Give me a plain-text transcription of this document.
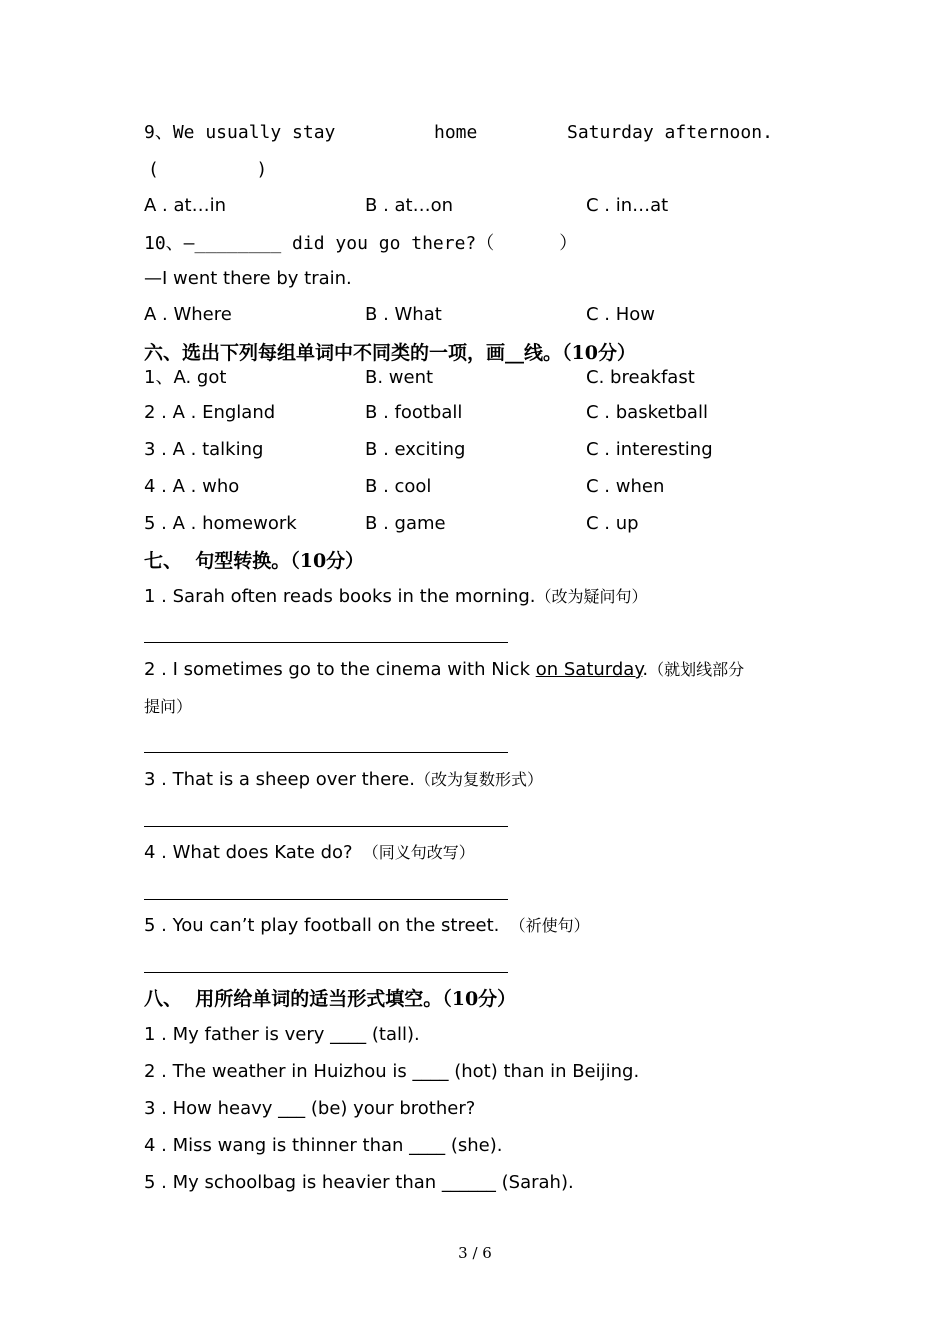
9、We usually stay	home	Saturday afternoon.
(         )
A . at…in	B . at…on	C . in…at
10、—________ did you go there?（      ）
—I went there by train.
A . Where	B . What	C . How
六、选出下列每组单词中不同类的一项，画__线。（10分）
1、A. got	B. went	C. breakfast
2 . A . England	B . football	C . basketball
3 . A . talking	B . exciting	C . interesting
4 . A . who	B . cool	C . when
5 . A . homework	B . game	C . up
七、  句型转换。（10分）
1 . Sarah often reads books in the morning.（改为疑问句）
2 . I sometimes go to the cinema with Nick on Saturday.（就划线部分
提问）
3 . That is a sheep over there.（改为复数形式）
4 . What does Kate do?  （同义句改写）
5 . You can’t play football on the street.  （祈使句）
八、  用所给单词的适当形式填空。（10分）
1 . My father is very ____ (tall).
2 . The weather in Huizhou is ____ (hot) than in Beijing.
3 . How heavy ___ (be) your brother?
4 . Miss wang is thinner than ____ (she).
5 . My schoolbag is heavier than ______ (Sarah).
3 / 6
